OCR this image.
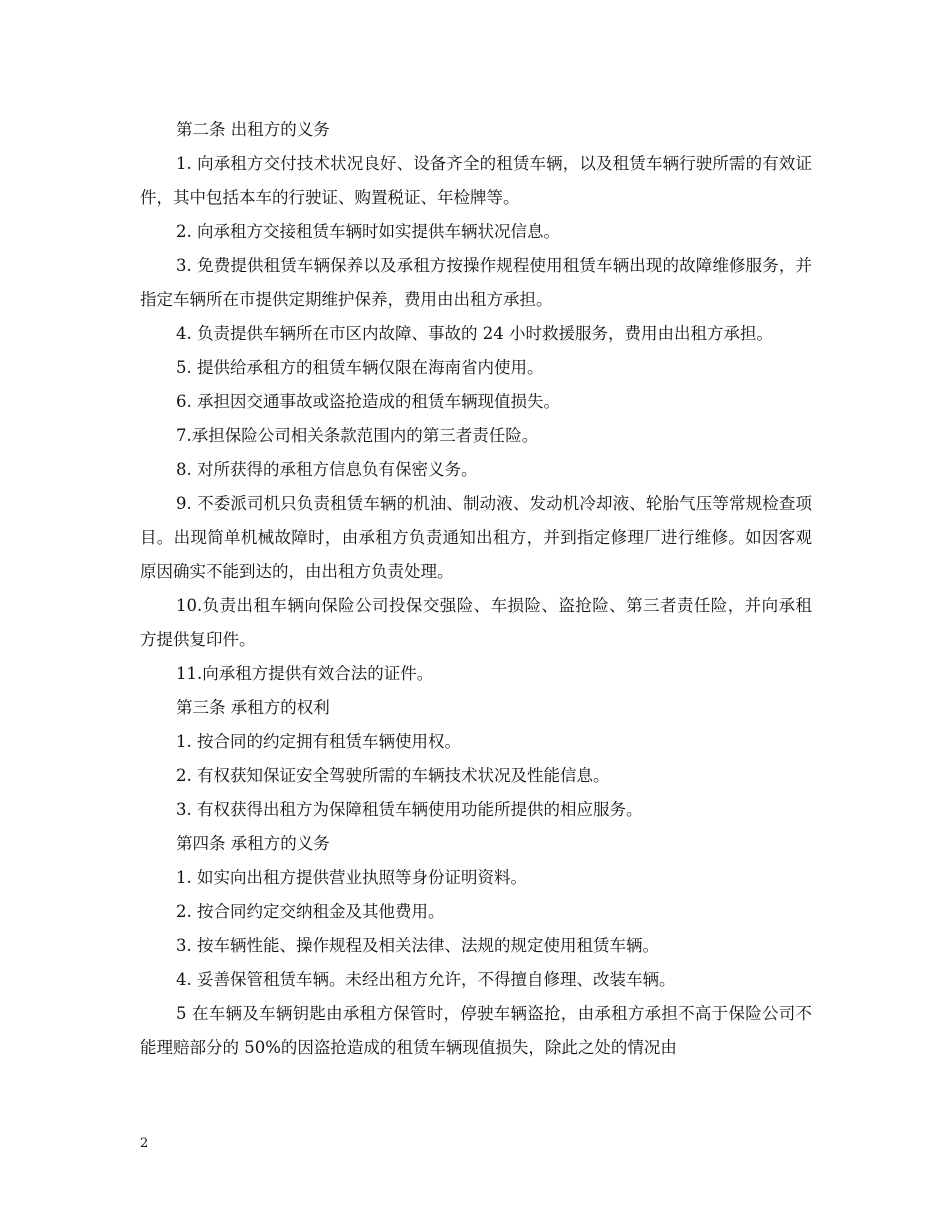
第二条 出租方的义务

1. 向承租方交付技术状况良好、设备齐全的租赁车辆，以及租赁车辆行驶所需的有效证件，其中包括本车的行驶证、购置税证、年检牌等。

2. 向承租方交接租赁车辆时如实提供车辆状况信息。

3. 免费提供租赁车辆保养以及承租方按操作规程使用租赁车辆出现的故障维修服务，并指定车辆所在市提供定期维护保养，费用由出租方承担。

4. 负责提供车辆所在市区内故障、事故的 24 小时救援服务，费用由出租方承担。

5. 提供给承租方的租赁车辆仅限在海南省内使用。

6. 承担因交通事故或盗抢造成的租赁车辆现值损失。

7.承担保险公司相关条款范围内的第三者责任险。

8. 对所获得的承租方信息负有保密义务。

9. 不委派司机只负责租赁车辆的机油、制动液、发动机冷却液、轮胎气压等常规检查项目。出现简单机械故障时，由承租方负责通知出租方，并到指定修理厂进行维修。如因客观原因确实不能到达的，由出租方负责处理。

10.负责出租车辆向保险公司投保交强险、车损险、盗抢险、第三者责任险，并向承租方提供复印件。

11.向承租方提供有效合法的证件。

第三条 承租方的权利

1. 按合同的约定拥有租赁车辆使用权。

2. 有权获知保证安全驾驶所需的车辆技术状况及性能信息。

3. 有权获得出租方为保障租赁车辆使用功能所提供的相应服务。

第四条 承租方的义务

1. 如实向出租方提供营业执照等身份证明资料。

2. 按合同约定交纳租金及其他费用。

3. 按车辆性能、操作规程及相关法律、法规的规定使用租赁车辆。

4. 妥善保管租赁车辆。未经出租方允许，不得擅自修理、改装车辆。

5 在车辆及车辆钥匙由承租方保管时，停驶车辆盗抢，由承租方承担不高于保险公司不能理赔部分的 50%的因盗抢造成的租赁车辆现值损失，除此之处的情况由

2
